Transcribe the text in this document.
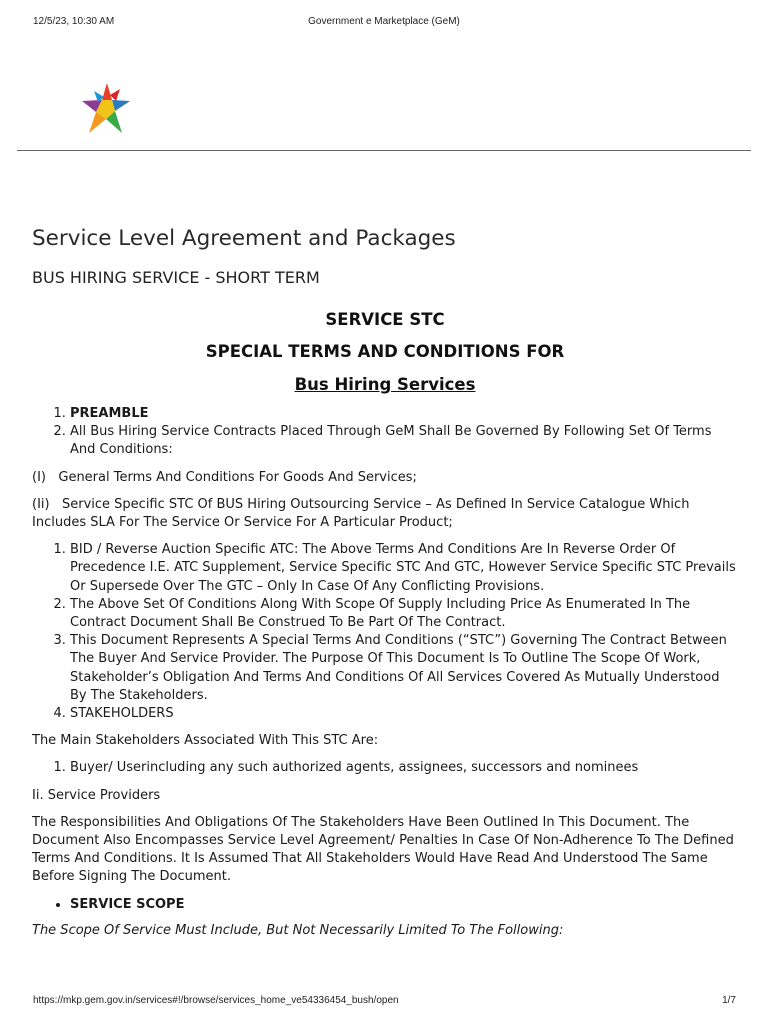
Government e Marketplace (GeM)
12/5/23, 10:30 AM
Service Level Agreement and Packages
BUS HIRING SERVICE - SHORT TERM

SERVICE STC

SPECIAL TERMS AND CONDITIONS FOR

Bus Hiring Services

1. PREAMBLE
2. All Bus Hiring Service Contracts Placed Through GeM Shall Be Governed By Following Set Of Terms And Conditions:

(I)   General Terms And Conditions For Goods And Services;

(Ii)   Service Specific STC Of BUS Hiring Outsourcing Service – As Defined In Service Catalogue Which Includes SLA For The Service Or Service For A Particular Product;

1. BID / Reverse Auction Specific ATC: The Above Terms And Conditions Are In Reverse Order Of Precedence I.E. ATC Supplement, Service Specific STC And GTC, However Service Specific STC Prevails Or Supersede Over The GTC – Only In Case Of Any Conflicting Provisions.
2. The Above Set Of Conditions Along With Scope Of Supply Including Price As Enumerated In The Contract Document Shall Be Construed To Be Part Of The Contract.
3. This Document Represents A Special Terms And Conditions (“STC”) Governing The Contract Between The Buyer And Service Provider. The Purpose Of This Document Is To Outline The Scope Of Work, Stakeholder’s Obligation And Terms And Conditions Of All Services Covered As Mutually Understood By The Stakeholders.
4. STAKEHOLDERS

The Main Stakeholders Associated With This STC Are:

1. Buyer/ Userincluding any such authorized agents, assignees, successors and nominees

Ii. Service Providers

The Responsibilities And Obligations Of The Stakeholders Have Been Outlined In This Document. The Document Also Encompasses Service Level Agreement/ Penalties In Case Of Non-Adherence To The Defined Terms And Conditions. It Is Assumed That All Stakeholders Would Have Read And Understood The Same Before Signing The Document.

• SERVICE SCOPE

The Scope Of Service Must Include, But Not Necessarily Limited To The Following:

https://mkp.gem.gov.in/services#!/browse/services_home_ve54336454_bush/open	1/7
